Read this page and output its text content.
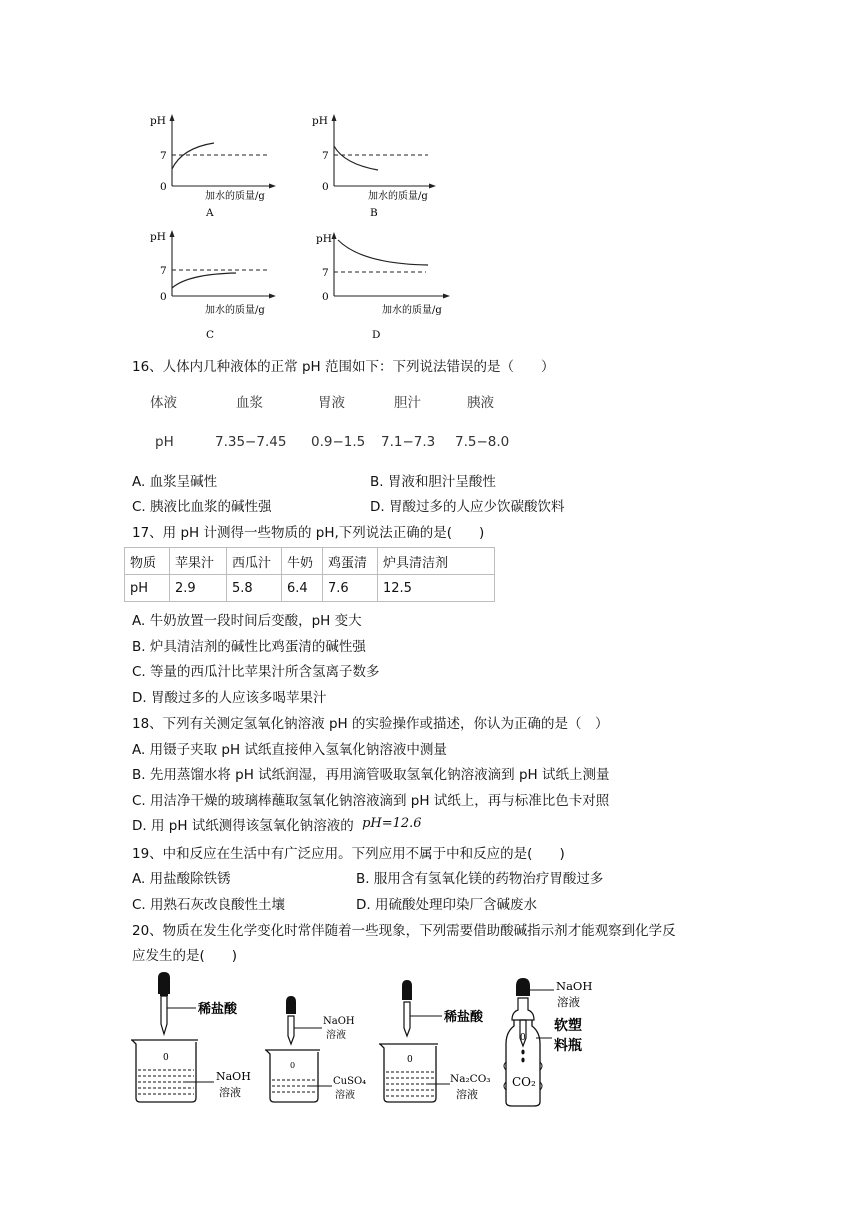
pH
7
0
加水的质量/g
A
pH
7
0
加水的质量/g
B
pH
7
0
加水的质量/g
C
pH
7
0
加水的质量/g
D
16、人体内几种液体的正常 pH 范围如下：下列说法错误的是（　　）
体液	血浆	胃液	胆汁	胰液
pH	7.35−7.45 0.9−1.5 7.1−7.3 7.5−8.0
A. 血浆呈碱性	B. 胃液和胆汁呈酸性
C. 胰液比血浆的碱性强	D. 胃酸过多的人应少饮碳酸饮料
17、用 pH 计测得一些物质的 pH,下列说法正确的是(　　)
物质	苹果汁	西瓜汁	牛奶	鸡蛋清	炉具清洁剂
pH	2.9	5.8	6.4	7.6	12.5
A. 牛奶放置一段时间后变酸，pH 变大
B. 炉具清洁剂的碱性比鸡蛋清的碱性强
C. 等量的西瓜汁比苹果汁所含氢离子数多
D. 胃酸过多的人应该多喝苹果汁
18、下列有关测定氢氧化钠溶液 pH 的实验操作或描述，你认为正确的是（　）
A. 用镊子夹取 pH 试纸直接伸入氢氧化钠溶液中测量
B. 先用蒸馏水将 pH 试纸润湿，再用滴管吸取氢氧化钠溶液滴到 pH 试纸上测量
C. 用洁净干燥的玻璃棒蘸取氢氧化钠溶液滴到 pH 试纸上，再与标准比色卡对照
D. 用 pH 试纸测得该氢氧化钠溶液的 pH=12.6
19、中和反应在生活中有广泛应用。下列应用不属于中和反应的是(　　)
A. 用盐酸除铁锈	B. 服用含有氢氧化镁的药物治疗胃酸过多
C. 用熟石灰改良酸性土壤	D. 用硫酸处理印染厂含碱废水
20、物质在发生化学变化时常伴随着一些现象，下列需要借助酸碱指示剂才能观察到化学反
应发生的是(　　)
稀盐酸
0
NaOH
溶液
NaOH
溶液
0
CuSO₄
溶液
稀盐酸
0
Na₂CO₃
溶液
NaOH
溶液
0
CO₂
软塑
料瓶
